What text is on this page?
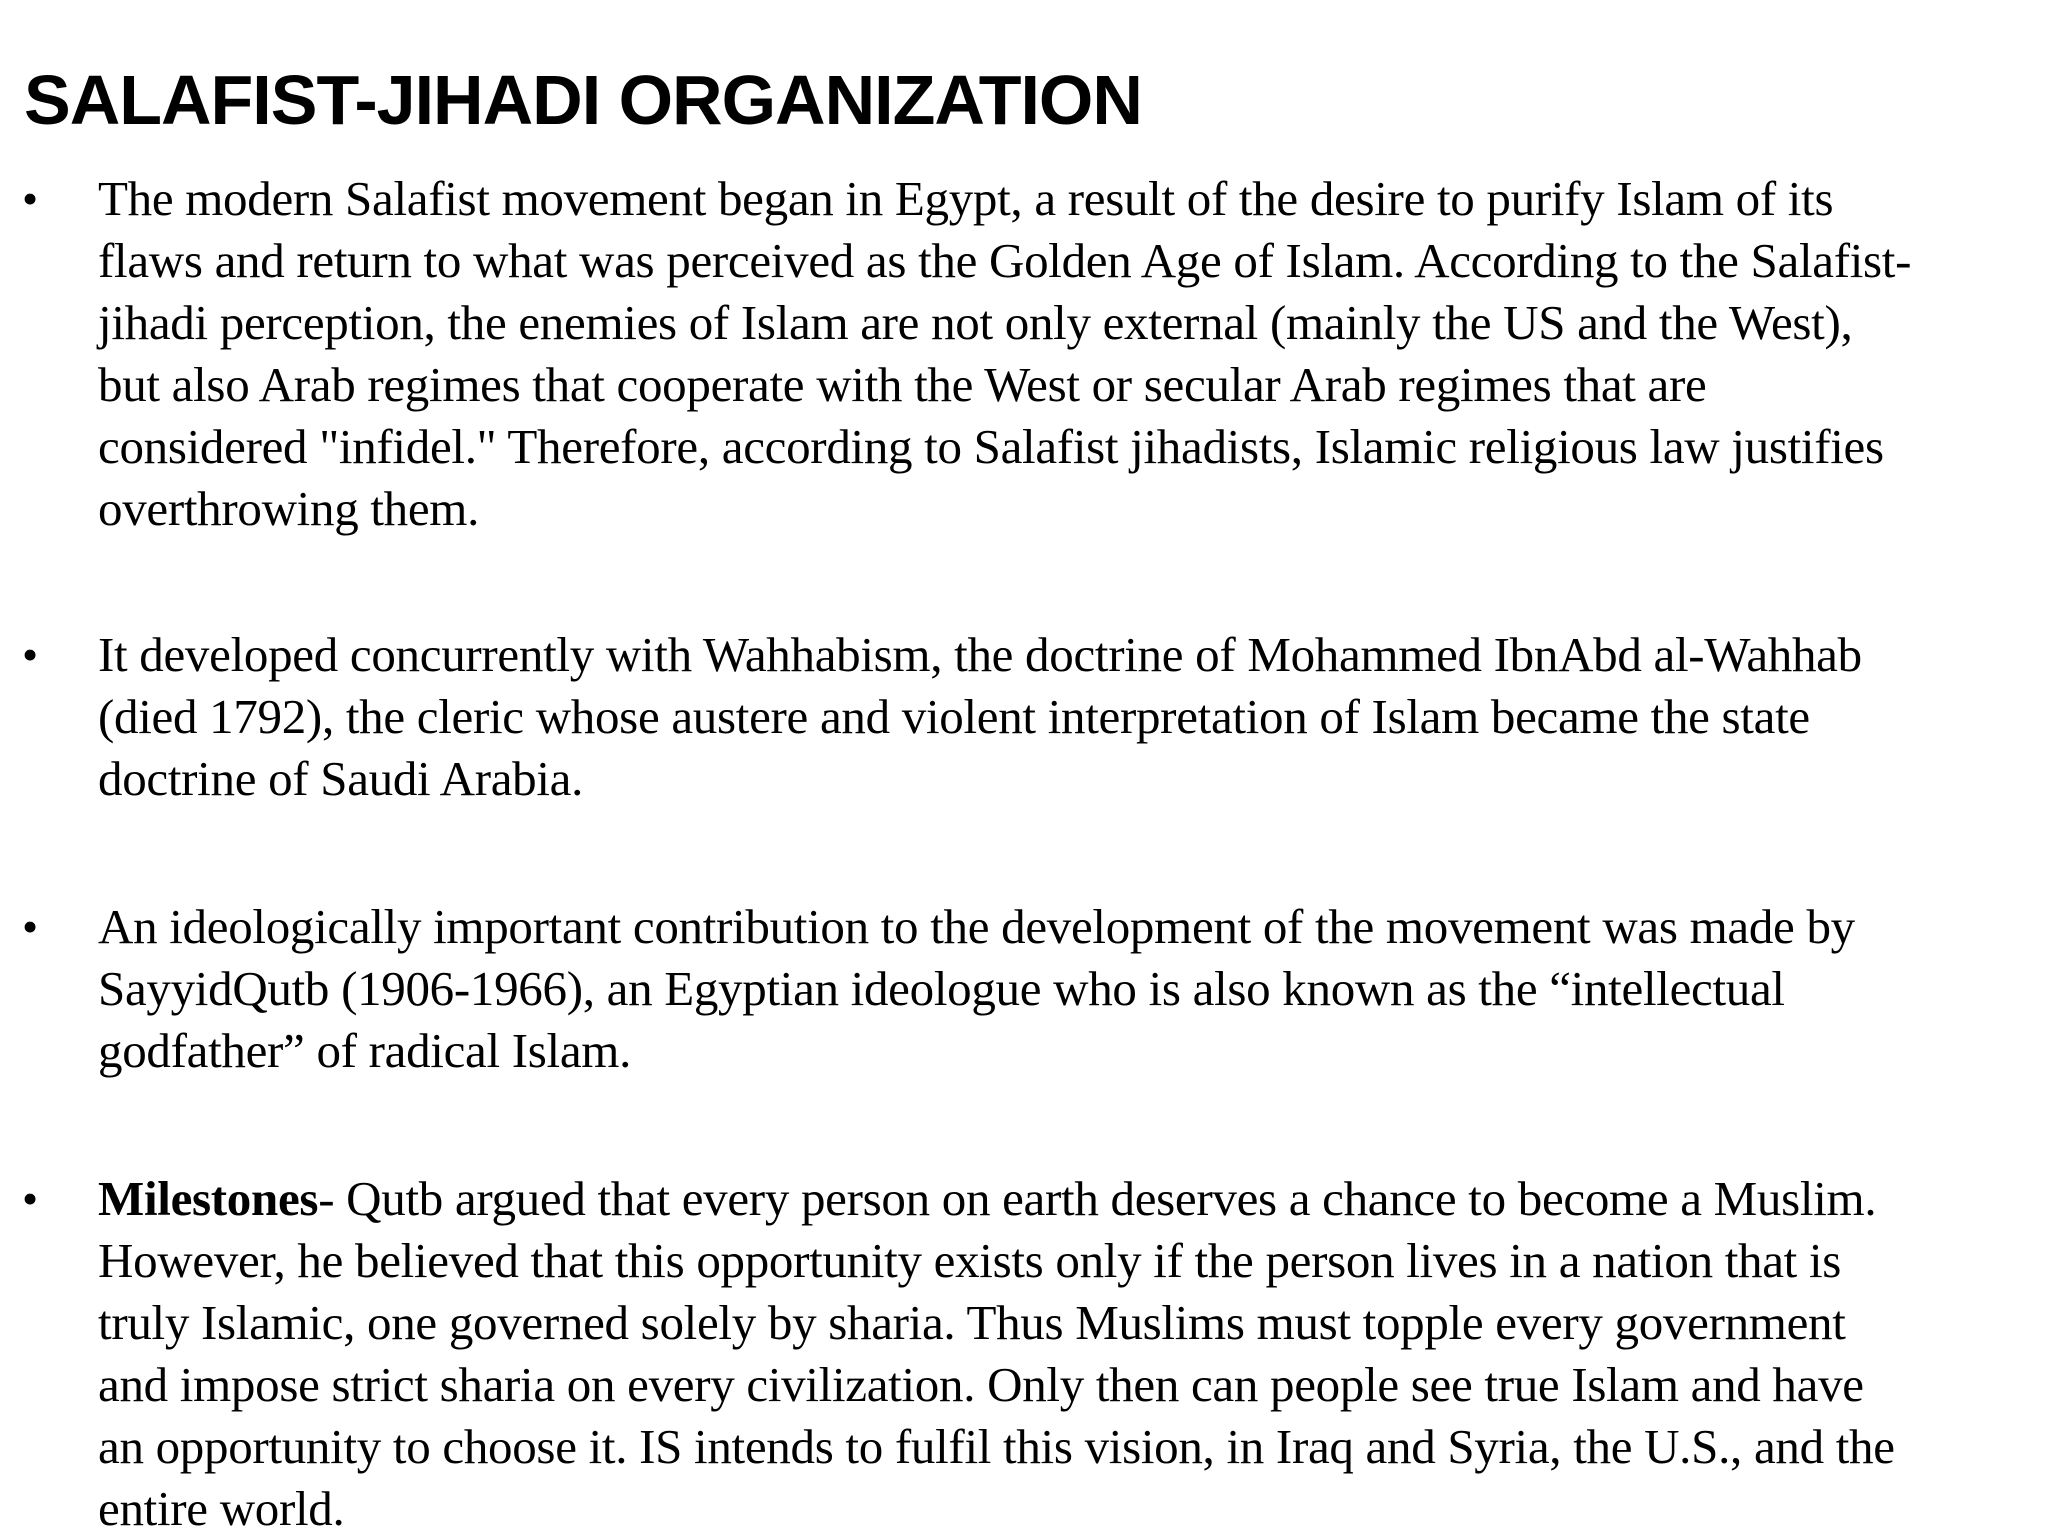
SALAFIST-JIHADI ORGANIZATION
• The modern Salafist movement began in Egypt, a result of the desire to purify Islam of its
flaws and return to what was perceived as the Golden Age of Islam. According to the Salafist-
jihadi perception, the enemies of Islam are not only external (mainly the US and the West),
but also Arab regimes that cooperate with the West or secular Arab regimes that are
considered "infidel." Therefore, according to Salafist jihadists, Islamic religious law justifies
overthrowing them.

• It developed concurrently with Wahhabism, the doctrine of Mohammed IbnAbd al-Wahhab
(died 1792), the cleric whose austere and violent interpretation of Islam became the state
doctrine of Saudi Arabia.

• An ideologically important contribution to the development of the movement was made by
SayyidQutb (1906-1966), an Egyptian ideologue who is also known as the “intellectual
godfather” of radical Islam.

• Milestones- Qutb argued that every person on earth deserves a chance to become a Muslim.
However, he believed that this opportunity exists only if the person lives in a nation that is
truly Islamic, one governed solely by sharia. Thus Muslims must topple every government
and impose strict sharia on every civilization. Only then can people see true Islam and have
an opportunity to choose it. IS intends to fulfil this vision, in Iraq and Syria, the U.S., and the
entire world.
